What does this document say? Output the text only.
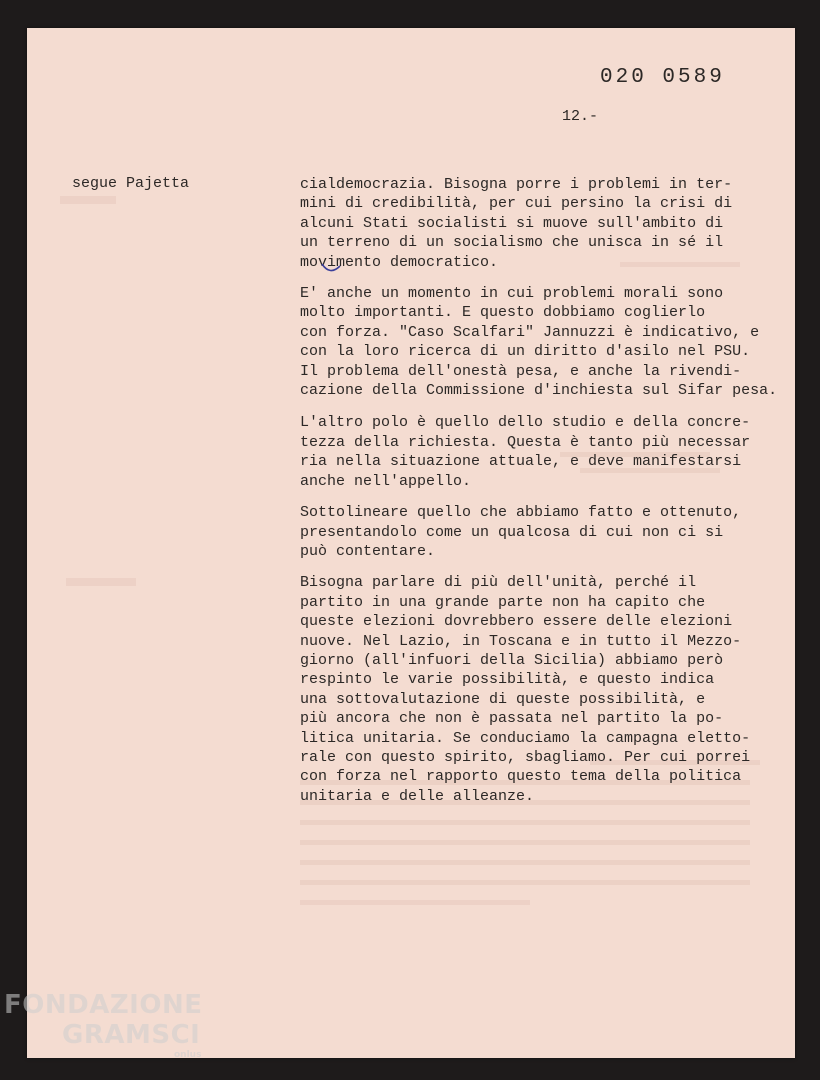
020 0589
12.-
segue Pajetta	cialdemocrazia. Bisogna porre i problemi in ter-
mini di credibilità, per cui persino la crisi di
alcuni Stati socialisti si muove sull'ambito di
un terreno di un socialismo che unisca in sé il
movimento democratico.
E' anche un momento in cui problemi morali sono
molto importanti. E questo dobbiamo coglierlo
con forza. "Caso Scalfari" Jannuzzi è indicativo, e
con la loro ricerca di un diritto d'asilo nel PSU.
Il problema dell'onestà pesa, e anche la rivendi-
cazione della Commissione d'inchiesta sul Sifar pesa.
L'altro polo è quello dello studio e della concre-
tezza della richiesta. Questa è tanto più necessar
ria nella situazione attuale, e deve manifestarsi
anche nell'appello.
Sottolineare quello che abbiamo fatto e ottenuto,
presentandolo come un qualcosa di cui non ci si
può contentare.
Bisogna parlare di più dell'unità, perché il
partito in una grande parte non ha capito che
queste elezioni dovrebbero essere delle elezioni
nuove. Nel Lazio, in Toscana e in tutto il Mezzo-
giorno (all'infuori della Sicilia) abbiamo però
respinto le varie possibilità, e questo indica
una sottovalutazione di queste possibilità, e
più ancora che non è passata nel partito la po-
litica unitaria. Se conduciamo la campagna eletto-
rale con questo spirito, sbagliamo. Per cui porrei
con forza nel rapporto questo tema della politica
unitaria e delle alleanze.
FONDAZIONE
GRAMSCI
onlus
